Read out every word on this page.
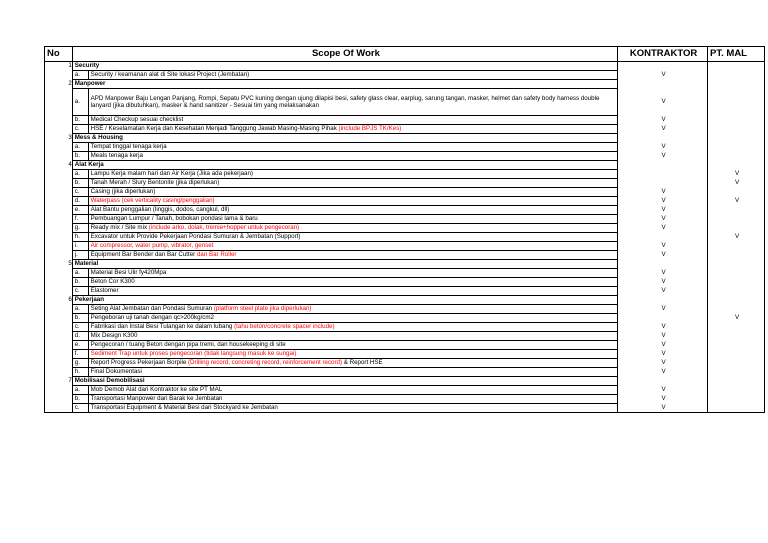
No	Scope Of Work		KONTRAKTOR	PT. MAL
1	Security			
	a.	Security / keamanan alat di Site lokasi Project (Jembatan)	V	
2	Manpower			
	a.	APD Manpower Baju Lengan Panjang, Rompi, Sepatu PVC kuning dengan ujung dilapisi besi, safety glass clear, earplug, sarung tangan, masker, helmet dan safety body harness double lanyard (jika dibutuhkan), masker & hand sanitizer - Sesuai tim yang melaksanakan	V	
	b.	Medical Checkup sesuai checklist	V	
	c.	HSE / Keselamatan Kerja dan Kesehatan Menjadi Tanggung Jawab Masing-Masing Pihak (include BPJS TK/Kes)	V	
3	Mess & Housing			
	a.	Tempat tinggal tenaga kerja	V	
	b.	Meals tenaga kerja	V	
4	Alat Kerja			
	a.	Lampu Kerja malam hari dan Air Kerja (Jika ada pekerjaan)		V
	b.	Tanah Merah / Slury Bentonite (jika diperlukan)		V
	c.	Casing (jika diperlukan)	V	
	d.	Waterpass (cek verticality casing/penggalian)	V	V
	e.	Alat Bantu penggalian (linggis, dodos, cangkul, dll)	V	
	f.	Pembuangan Lumpur / Tanah, bobokan pondasi lama & baru	V	
	g.	Ready mix / Site mix (include arko, dolak, tremie+hopper untuk pengecoran)	V	
	h.	Excavator untuk Provide Pekerjaan Pondasi Sumuran & Jembatan (Support)		V
	i.	Air compressor, water pump, vibrator, genset	V	
	j.	Equipment Bar Bender dan Bar Cutter dan Bar Roller	V	
5	Material			
	a.	Material Besi Ulir fy420Mpa	V	
	b.	Beton Cor K300	V	
	c.	Elastomer	V	
6	Pekerjaan			
	a.	Seting Alat Jembatan dan Pondasi Sumuran (platform steel plate jika diperlukan)	V	
	b.	Pengeboran uji tanah dengan qc>200kg/cm2		V
	c.	Fabrikasi dan Instal Besi Tulangan ke dalam lubang (tahu beton/concrete spacer include)	V	
	d.	Mix Design K300	V	
	e.	Pengecoran / tuang Beton dengan pipa tremi, dan housekeeping di site	V	
	f.	Sediment Trap untuk proses pengecoran (tidak langsung masuk ke sungai)	V	
	g.	Report Progress Pekerjaan Borpile (Drilling record, concreting record, reinforcement record) & Report HSE	V	
	h.	Final Dokumentasi	V	
7	Mobilisasi Demobilisasi			
	a.	Mob Demob Alat dari Kontraktor ke site PT MAL	V	
	b.	Transportasi Manpower dari Barak ke Jembatan	V	
	c.	Transportasi Equipment & Material Besi dari Stockyard ke Jembatan	V	
